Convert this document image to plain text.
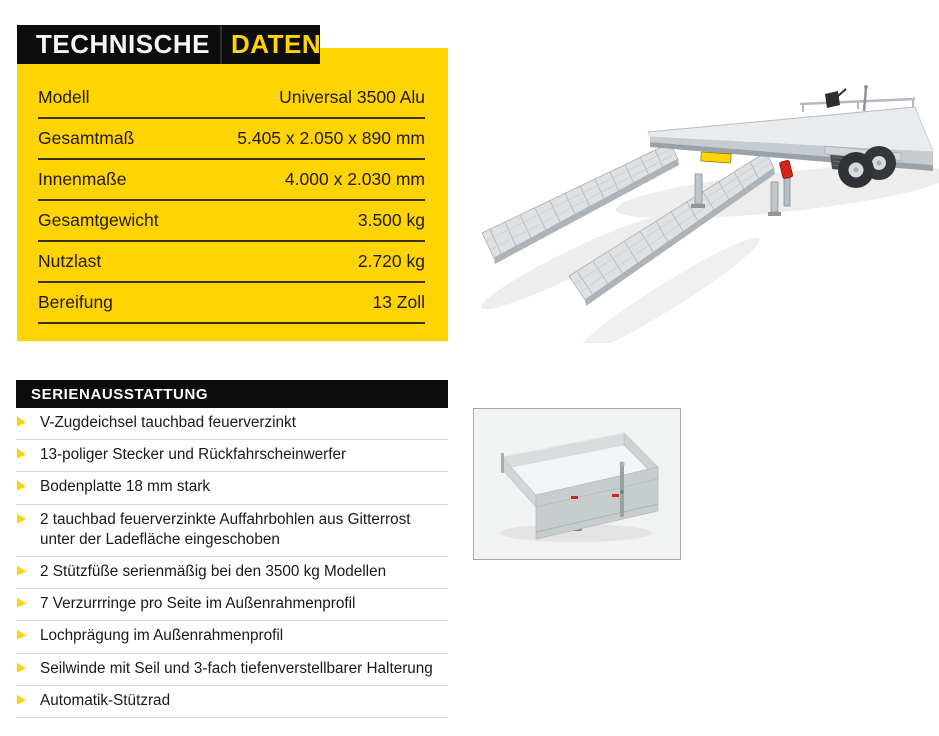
TECHNISCHE DATEN
Modell	Universal 3500 Alu
Gesamtmaß	5.405 x 2.050 x 890 mm
Innenmaße	4.000 x 2.030 mm
Gesamtgewicht	3.500 kg
Nutzlast	2.720 kg
Bereifung	13 Zoll
SERIENAUSSTATTUNG
V-Zugdeichsel tauchbad feuerverzinkt
13-poliger Stecker und Rückfahrscheinwerfer
Bodenplatte 18 mm stark
2 tauchbad feuerverzinkte Auffahrbohlen aus Gitterrost unter der Ladefläche eingeschoben
2 Stützfüße serienmäßig bei den 3500 kg Modellen
7 Verzurrringe pro Seite im Außenrahmenprofil
Lochprägung im Außenrahmenprofil
Seilwinde mit Seil und 3-fach tiefenverstellbarer Halterung
Automatik-Stützrad
